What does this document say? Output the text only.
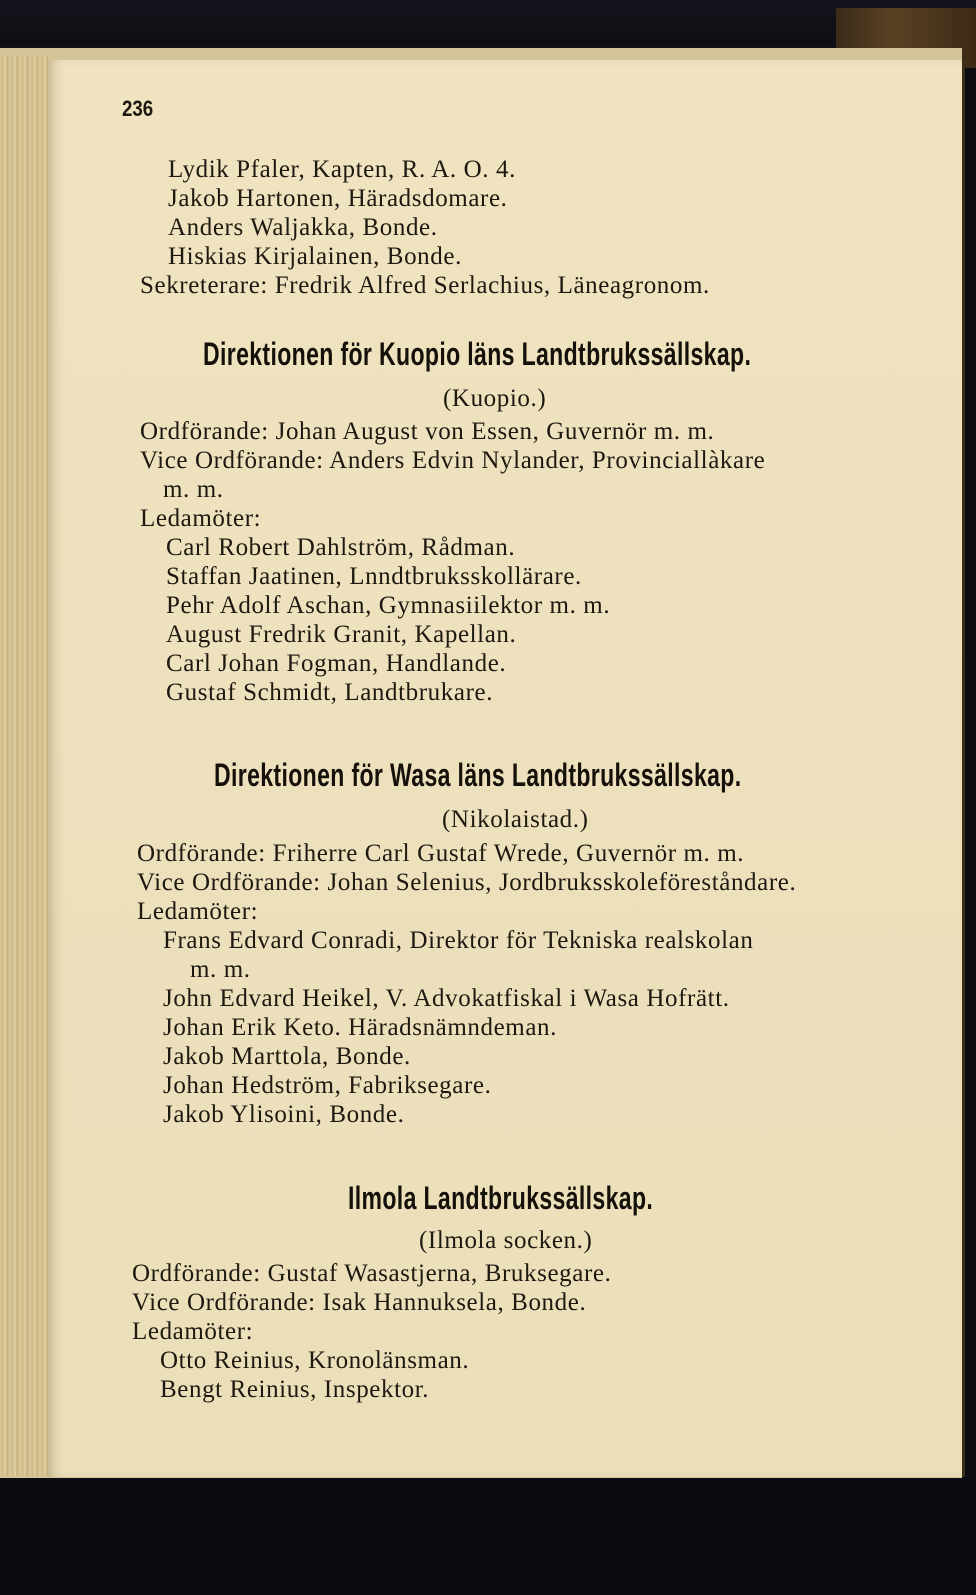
236
Lydik Pfaler, Kapten, R. A. O. 4.
Jakob Hartonen, Häradsdomare.
Anders Waljakka, Bonde.
Hiskias Kirjalainen, Bonde.
Sekreterare: Fredrik Alfred Serlachius, Läneagronom.
Direktionen för Kuopio läns Landtbrukssällskap.
(Kuopio.)
Ordförande: Johan August von Essen, Guvernör m. m.
Vice Ordförande: Anders Edvin Nylander, Provinciallàkare
m. m.
Ledamöter:
Carl Robert Dahlström, Rådman.
Staffan Jaatinen, Lnndtbruksskollärare.
Pehr Adolf Aschan, Gymnasiilektor m. m.
August Fredrik Granit, Kapellan.
Carl Johan Fogman, Handlande.
Gustaf Schmidt, Landtbrukare.
Direktionen för Wasa läns Landtbrukssällskap.
(Nikolaistad.)
Ordförande: Friherre Carl Gustaf Wrede, Guvernör m. m.
Vice Ordförande: Johan Selenius, Jordbruksskoleföreståndare.
Ledamöter:
Frans Edvard Conradi, Direktor för Tekniska realskolan
m. m.
John Edvard Heikel, V. Advokatfiskal i Wasa Hofrätt.
Johan Erik Keto. Häradsnämndeman.
Jakob Marttola, Bonde.
Johan Hedström, Fabriksegare.
Jakob Ylisoini, Bonde.
Ilmola Landtbrukssällskap.
(Ilmola socken.)
Ordförande: Gustaf Wasastjerna, Bruksegare.
Vice Ordförande: Isak Hannuksela, Bonde.
Ledamöter:
Otto Reinius, Kronolänsman.
Bengt Reinius, Inspektor.
